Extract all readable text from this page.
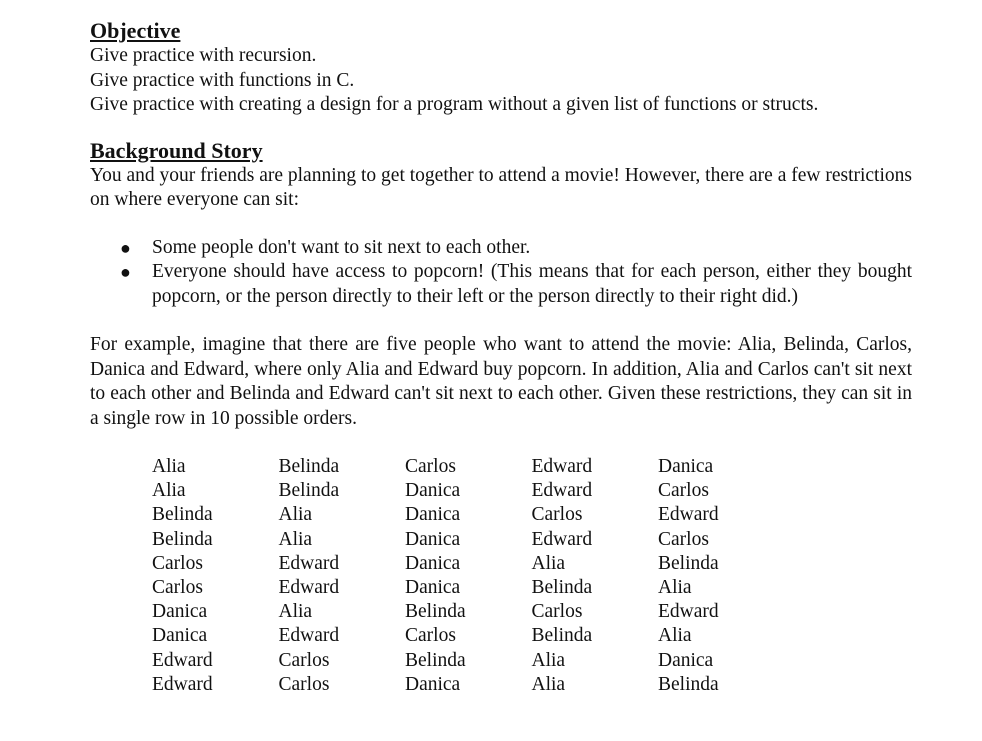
Objective

Give practice with recursion.

Give practice with functions in C.

Give practice with creating a design for a program without a given list of functions or structs.

Background Story

You and your friends are planning to get together to attend a movie! However, there are a few restrictions on where everyone can sit:

● Some people don't want to sit next to each other.
● Everyone should have access to popcorn! (This means that for each person, either they bought popcorn, or the person directly to their left or the person directly to their right did.)

For example, imagine that there are five people who want to attend the movie: Alia, Belinda, Carlos, Danica and Edward, where only Alia and Edward buy popcorn. In addition, Alia and Carlos can't sit next to each other and Belinda and Edward can't sit next to each other. Given these restrictions, they can sit in a single row in 10 possible orders.

Alia	Belinda	Carlos	Edward	Danica
Alia	Belinda	Danica	Edward	Carlos
Belinda	Alia	Danica	Carlos	Edward
Belinda	Alia	Danica	Edward	Carlos
Carlos	Edward	Danica	Alia	Belinda
Carlos	Edward	Danica	Belinda	Alia
Danica	Alia	Belinda	Carlos	Edward
Danica	Edward	Carlos	Belinda	Alia
Edward	Carlos	Belinda	Alia	Danica
Edward	Carlos	Danica	Alia	Belinda
